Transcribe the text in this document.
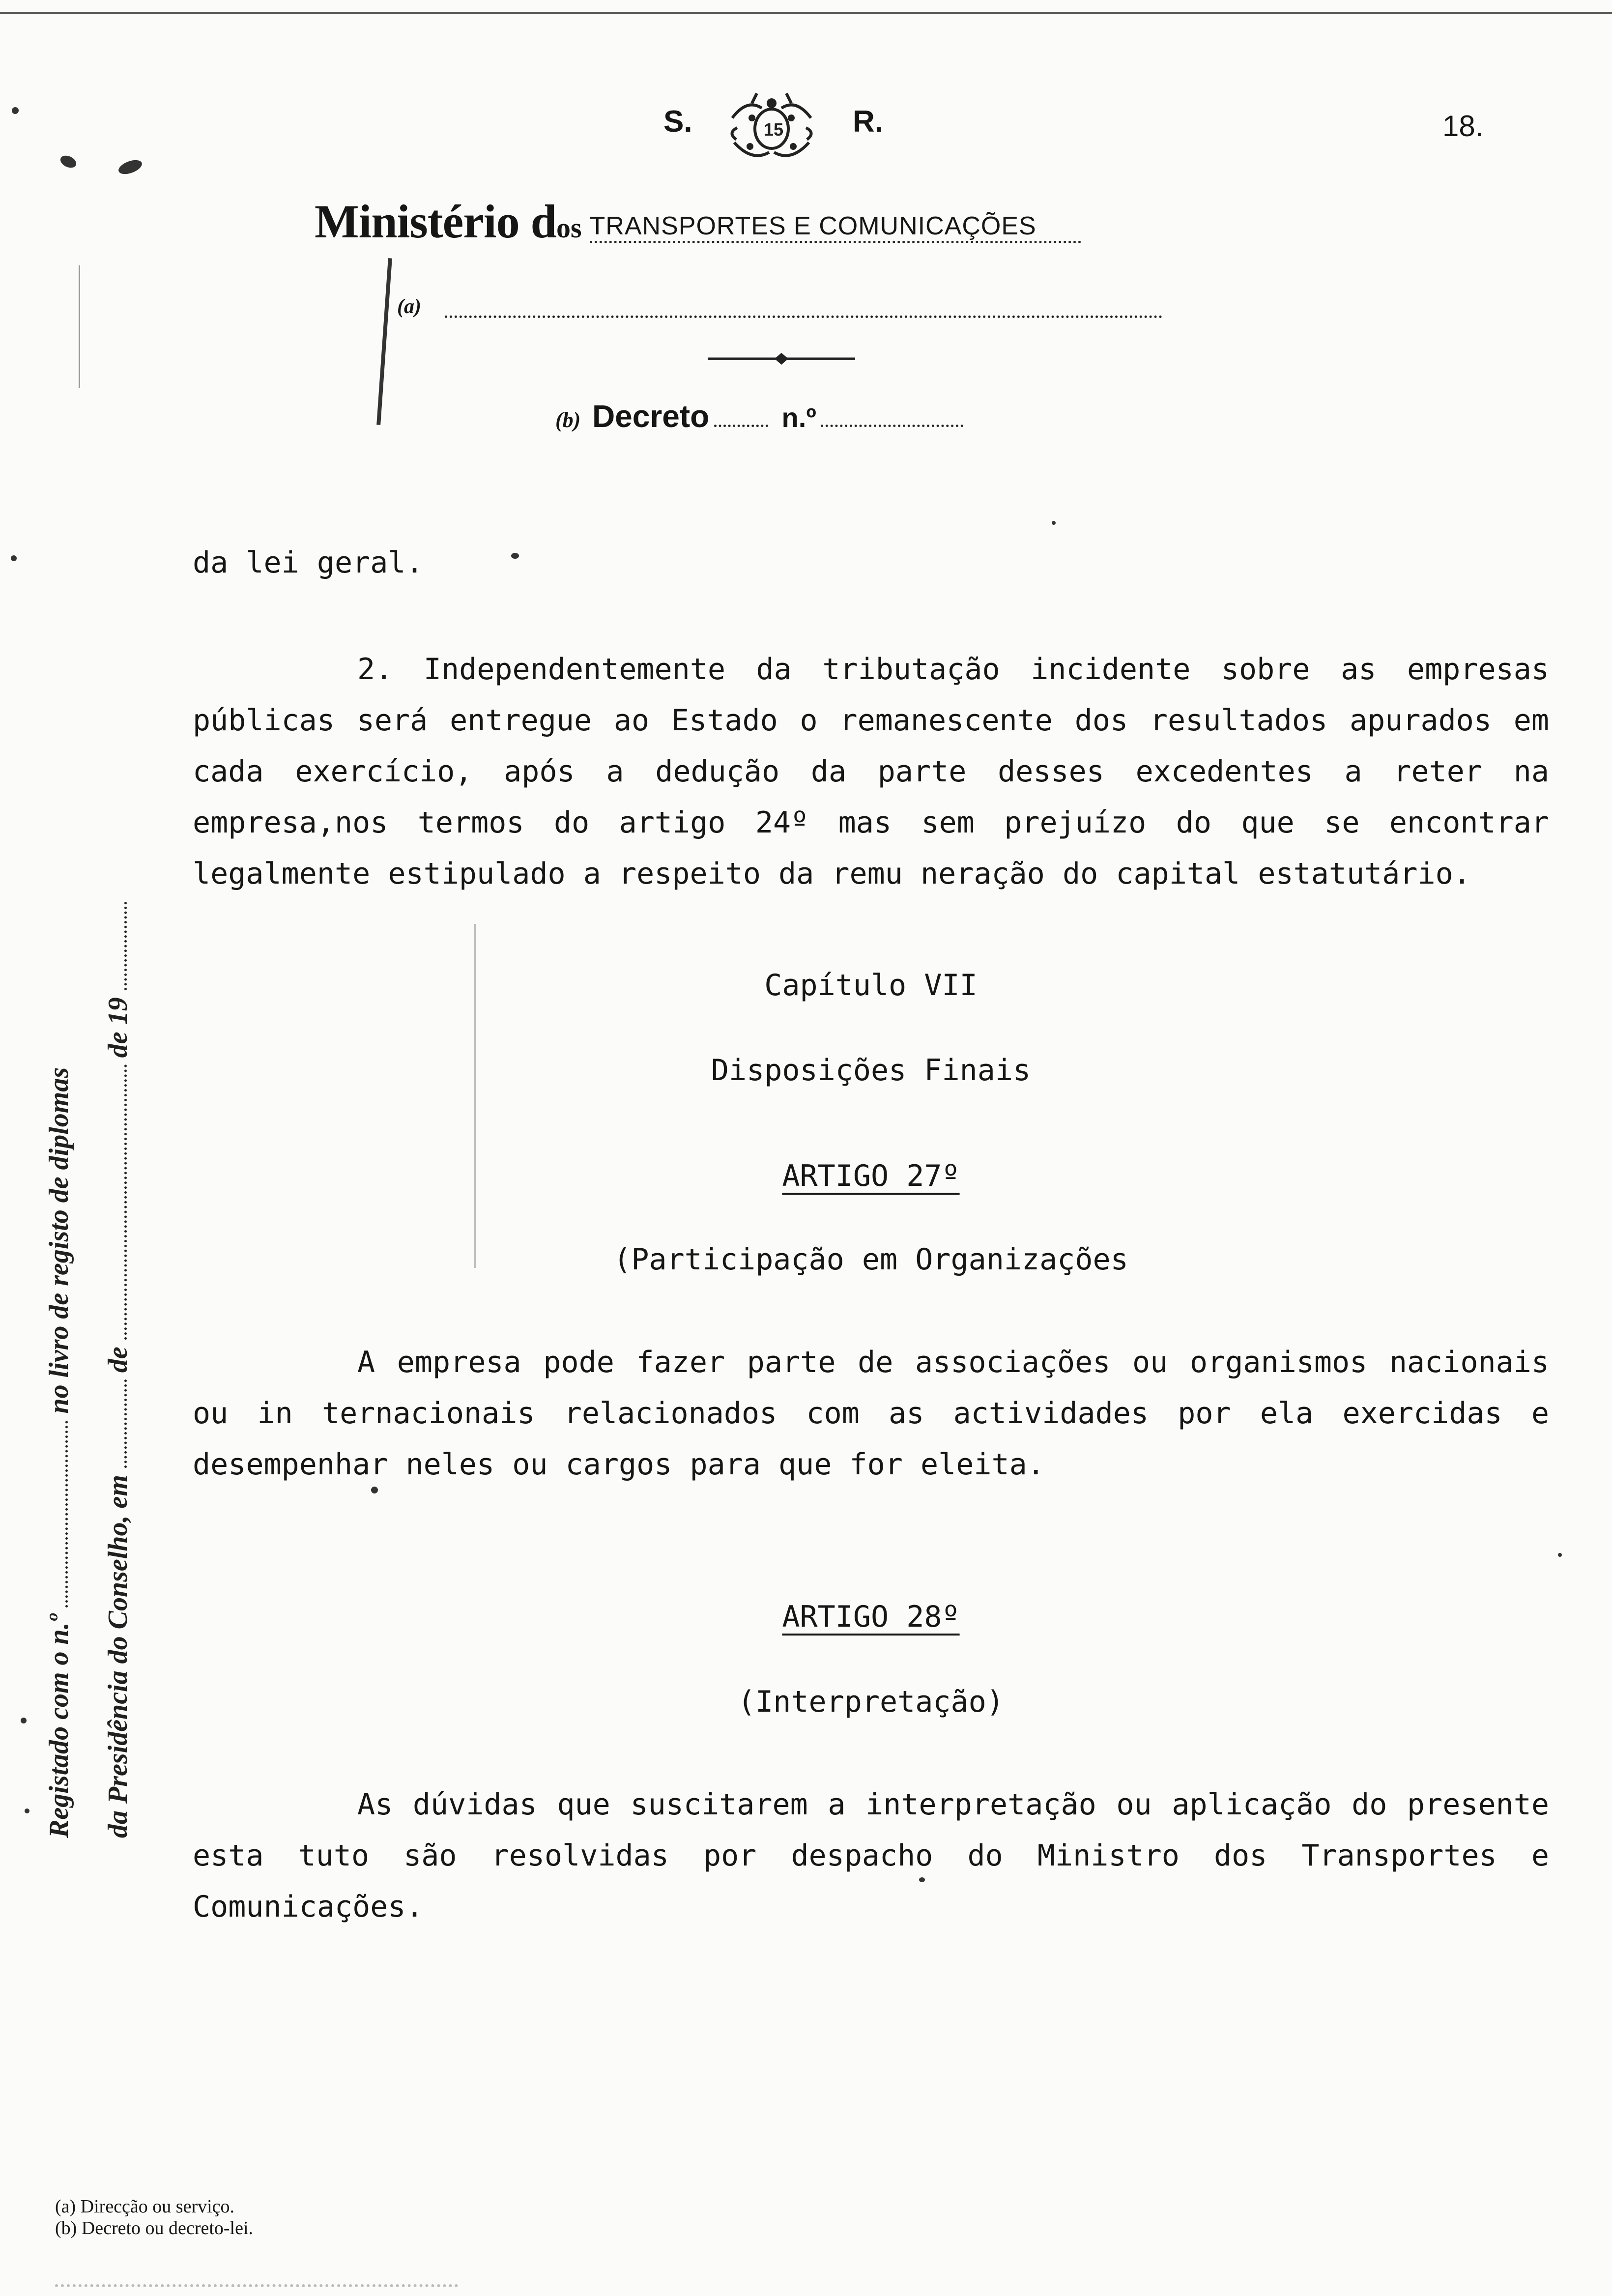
S.	15 R.	18.
Ministério dos TRANSPORTES E COMUNICAÇÕES
(a)
(b) Decreto	n.º
Registado com o n.º  no livro de registo de diplomas
da Presidência do Conselho, em  de  de 19
da lei geral.
2. Independentemente da tributação incidente sobre as empresas públicas será entregue ao Estado o remanescente dos resultados apurados em cada exercício, após a dedução da parte desses excedentes a reter na empresa,nos termos do artigo 24º mas sem prejuízo do que se encontrar legalmente estipulado a respeito da remu neração do capital estatutário.
Capítulo VII
Disposições Finais
ARTIGO 27º
(Participação em Organizações
A empresa pode fazer parte de associações ou organismos nacionais ou in ternacionais relacionados com as actividades por ela exercidas e desempenhar neles ou cargos para que for eleita.
ARTIGO 28º
(Interpretação)
As dúvidas que suscitarem a interpretação ou aplicação do presente esta tuto são resolvidas por despacho do Ministro dos Transportes e Comunicações.
(a) Direcção ou serviço.
(b) Decreto ou decreto-lei.
